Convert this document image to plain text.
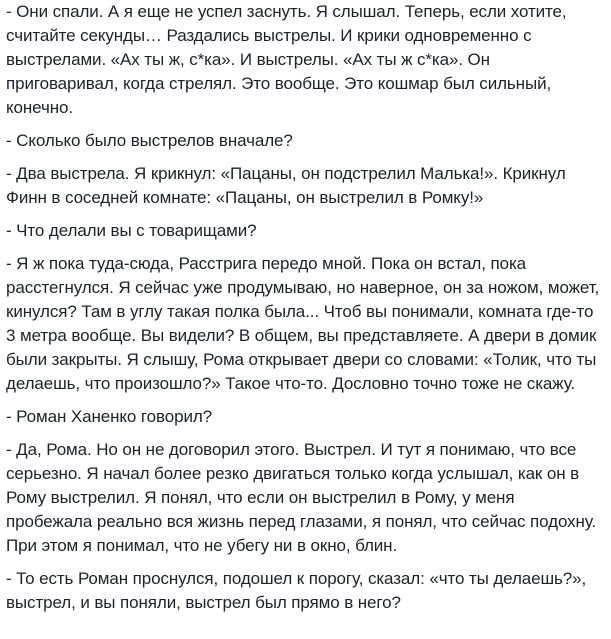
- Они спали. А я еще не успел заснуть. Я слышал. Теперь, если хотите, считайте секунды… Раздались выстрелы. И крики одновременно с выстрелами. «Ах ты ж, с*ка». И выстрелы. «Ах ты ж с*ка». Он приговаривал, когда стрелял. Это вообще. Это кошмар был сильный, конечно.

- Сколько было выстрелов вначале?

- Два выстрела. Я крикнул: «Пацаны, он подстрелил Малька!». Крикнул Финн в соседней комнате: «Пацаны, он выстрелил в Ромку!»

- Что делали вы с товарищами?

- Я ж пока туда-сюда, Расстрига передо мной. Пока он встал, пока расстегнулся. Я сейчас уже продумываю, но наверное, он за ножом, может, кинулся? Там в углу такая полка была... Чтоб вы понимали, комната где-то 3 метра вообще. Вы видели? В общем, вы представляете. А двери в домик были закрыты. Я слышу, Рома открывает двери со словами: «Толик, что ты делаешь, что произошло?» Такое что-то. Дословно точно тоже не скажу.

- Роман Ханенко говорил?

- Да, Рома. Но он не договорил этого. Выстрел. И тут я понимаю, что все серьезно. Я начал более резко двигаться только когда услышал, как он в Рому выстрелил. Я понял, что если он выстрелил в Рому, у меня пробежала реально вся жизнь перед глазами, я понял, что сейчас подохну. При этом я понимал, что не убегу ни в окно, блин.

- То есть Роман проснулся, подошел к порогу, сказал: «что ты делаешь?», выстрел, и вы поняли, выстрел был прямо в него?
